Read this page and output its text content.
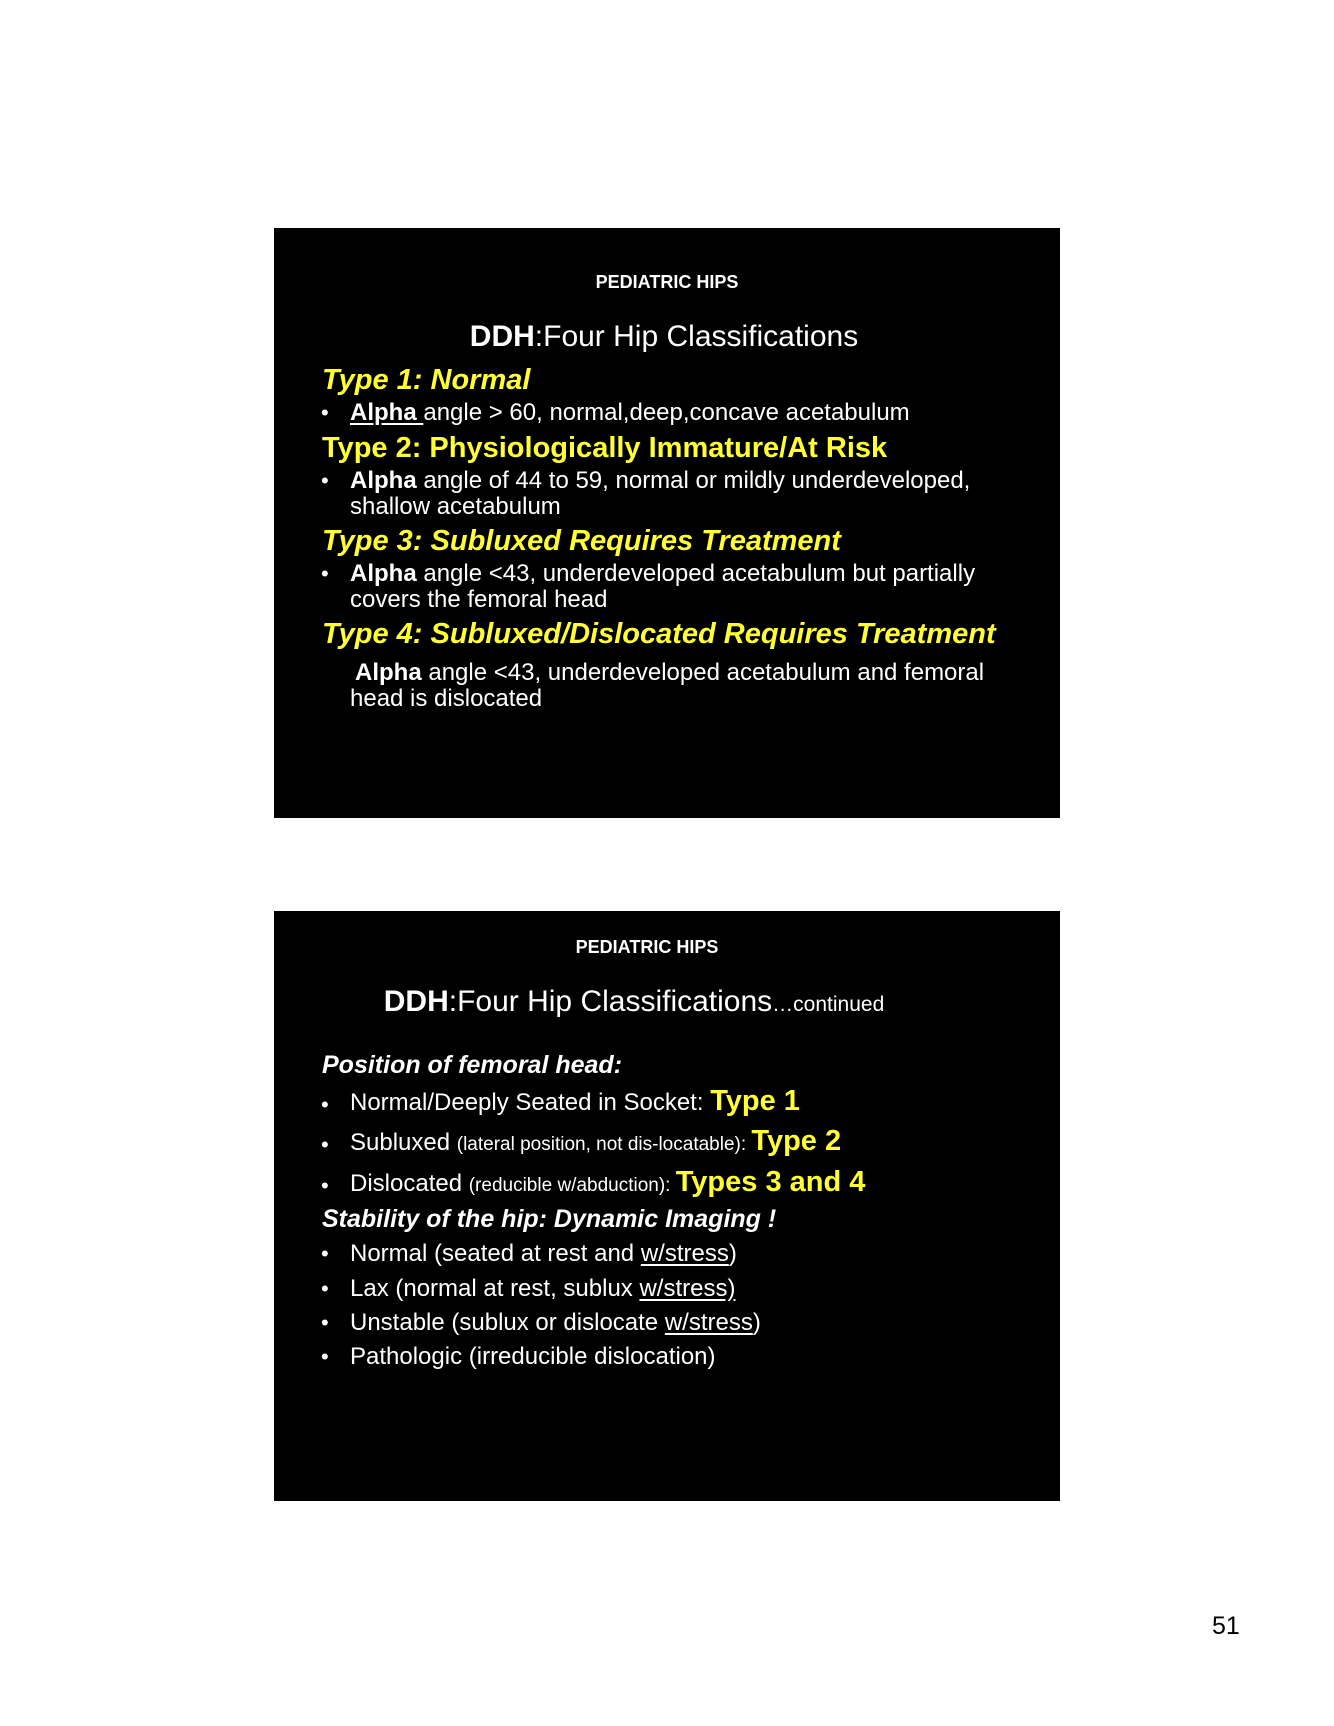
PEDIATRIC HIPS
DDH:Four Hip Classifications
Type 1: Normal
• Alpha angle > 60, normal,deep,concave acetabulum
Type 2: Physiologically Immature/At Risk
• Alpha angle of 44 to 59, normal or mildly underdeveloped,
shallow acetabulum
Type 3: Subluxed Requires Treatment
• Alpha angle <43, underdeveloped acetabulum but partially
covers the femoral head
Type 4: Subluxed/Dislocated Requires Treatment
Alpha angle <43, underdeveloped acetabulum and femoral
head is dislocated
PEDIATRIC HIPS
DDH:Four Hip Classifications…continued
Position of femoral head:
• Normal/Deeply Seated in Socket: Type 1
• Subluxed (lateral position, not dis-locatable): Type 2
• Dislocated (reducible w/abduction): Types 3 and 4
Stability of the hip: Dynamic Imaging !
• Normal (seated at rest and w/stress)
• Lax (normal at rest, sublux w/stress)
• Unstable (sublux or dislocate w/stress)
• Pathologic (irreducible dislocation)
51
